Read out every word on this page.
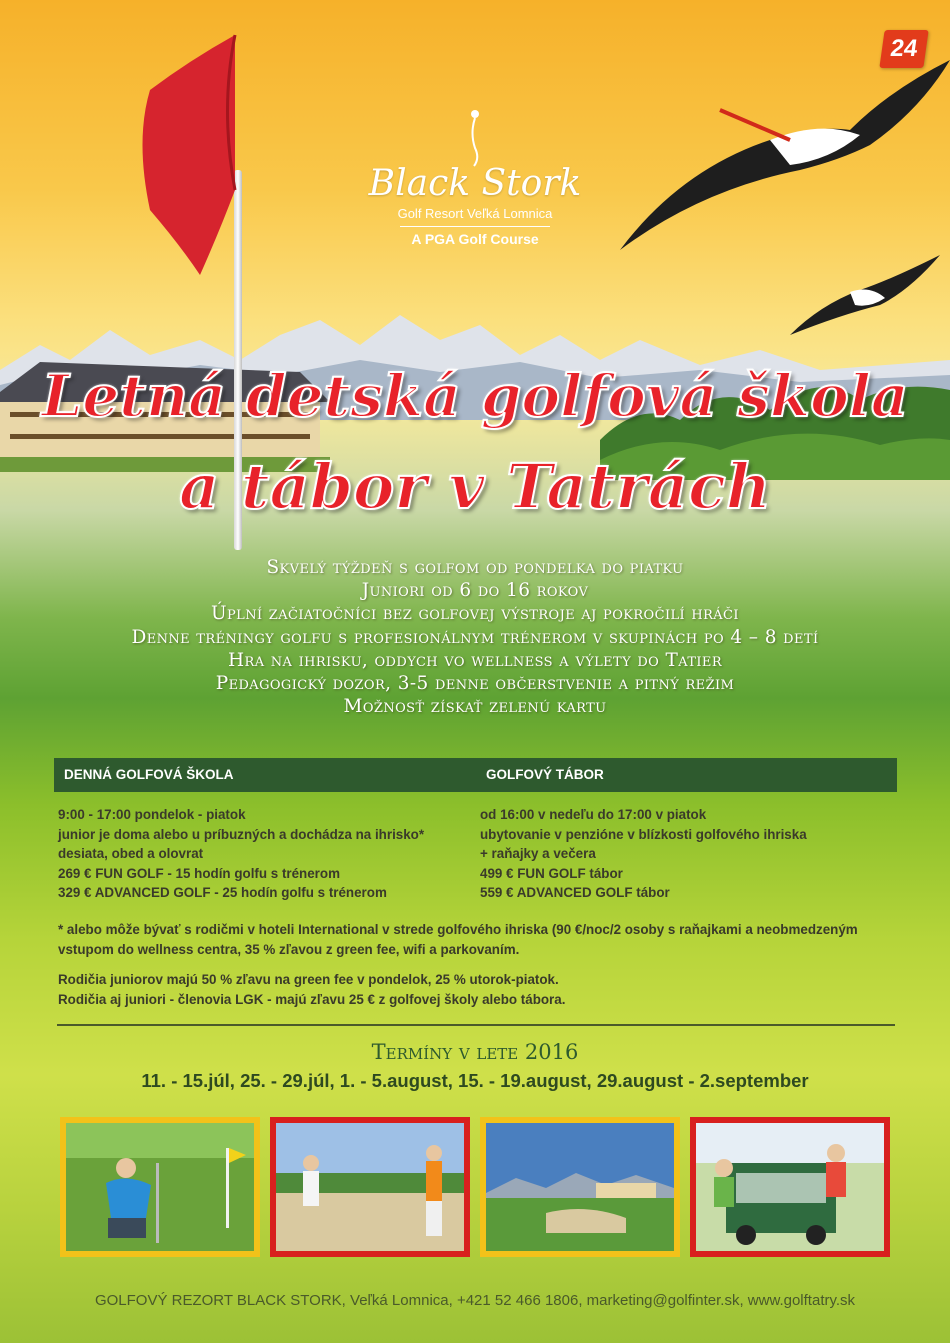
24
Black Stork
Golf Resort Veľká Lomnica
A PGA Golf Course
Letná detská golfová škola
a tábor v Tatrách
Skvelý týždeň s golfom od pondelka do piatku
Juniori od 6 do 16 rokov
Úplní začiatočníci bez golfovej výstroje aj pokročilí hráči
Denne tréningy golfu s profesionálnym trénerom v skupinách po 4 – 8 detí
Hra na ihrisku, oddych vo wellness a výlety do Tatier
Pedagogický dozor, 3-5 denne občerstvenie a pitný režim
Možnosť získať zelenú kartu
DENNÁ GOLFOVÁ ŠKOLA	GOLFOVÝ TÁBOR
9:00 - 17:00 pondelok - piatok
junior je doma alebo u príbuzných a dochádza na ihrisko*
desiata, obed a olovrat
269 € FUN GOLF - 15 hodín golfu s trénerom
329 € ADVANCED GOLF - 25 hodín golfu s trénerom
od 16:00 v nedeľu do 17:00 v piatok
ubytovanie v penzióne v blízkosti golfového ihriska
+ raňajky a večera
499 € FUN GOLF tábor
559 € ADVANCED GOLF tábor

* alebo môže bývať s rodičmi v hoteli International v strede golfového ihriska (90 €/noc/2 osoby s raňajkami a neobmedzeným vstupom do wellness centra, 35 % zľavou z green fee, wifi a parkovaním.

Rodičia juniorov majú 50 % zľavu na green fee v pondelok, 25 % utorok-piatok.
Rodičia aj juniori - členovia LGK - majú zľavu 25 € z golfovej školy alebo tábora.
Termíny v lete 2016
11. - 15.júl, 25. - 29.júl, 1. - 5.august, 15. - 19.august, 29.august - 2.september
GOLFOVÝ REZORT BLACK STORK, Veľká Lomnica, +421 52 466 1806, marketing@golfinter.sk, www.golftatry.sk
